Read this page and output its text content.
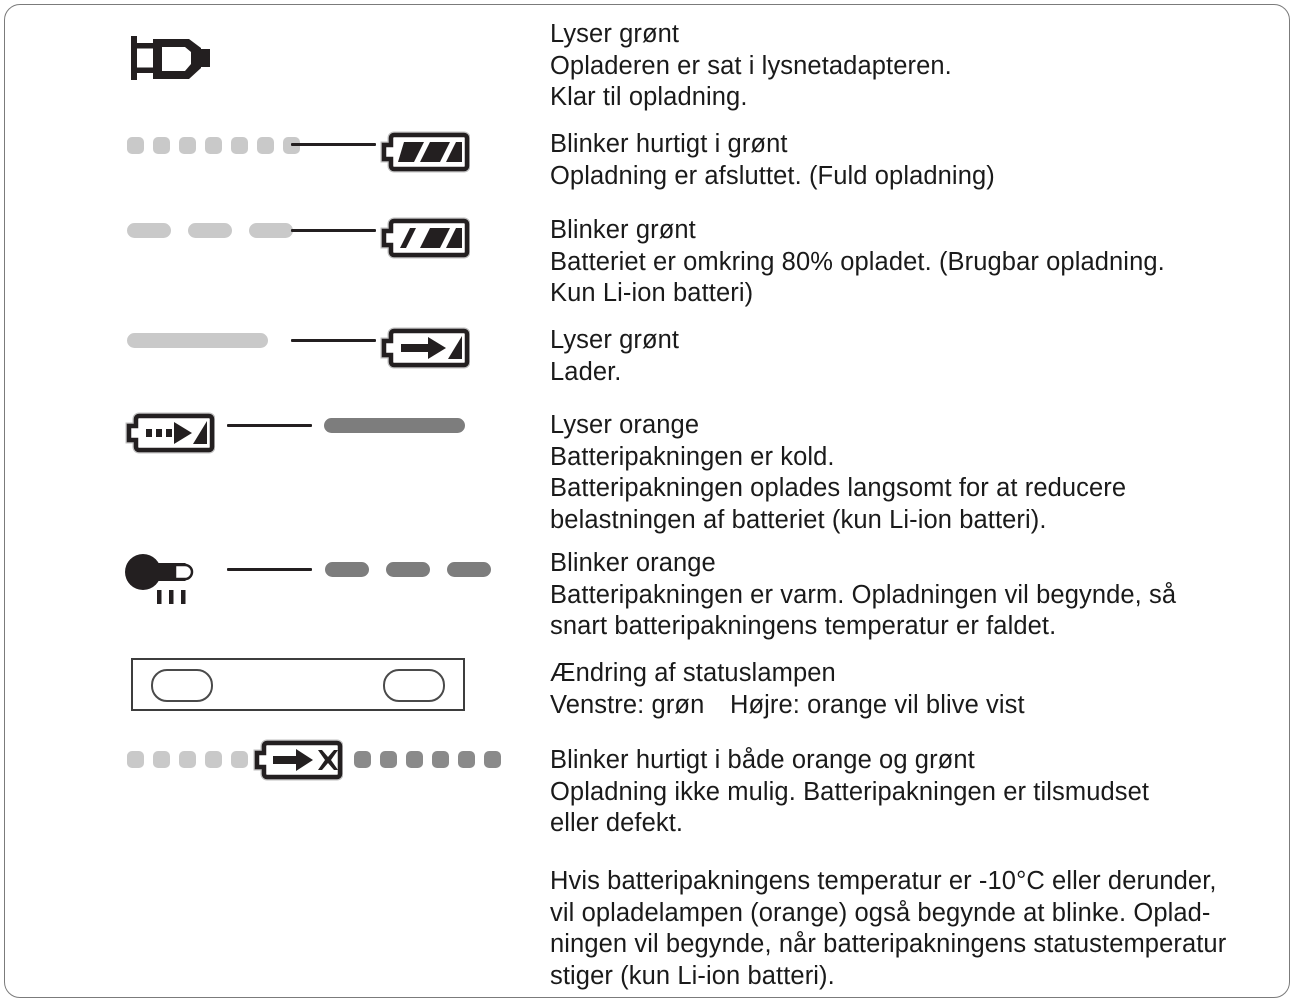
Lyser grønt
Opladeren er sat i lysnetadapteren.
Klar til opladning.
Blinker hurtigt i grønt
Opladning er afsluttet. (Fuld opladning)
Blinker grønt
Batteriet er omkring 80% opladet. (Brugbar opladning.
Kun Li-ion batteri)
Lyser grønt
Lader.
Lyser orange
Batteripakningen er kold.
Batteripakningen oplades langsomt for at reducere
belastningen af batteriet (kun Li-ion batteri).
Blinker orange
Batteripakningen er varm. Opladningen vil begynde, så
snart batteripakningens temperatur er faldet.
Ændring af statuslampen
Venstre: grøn Højre: orange vil blive vist
Blinker hurtigt i både orange og grønt
Opladning ikke mulig. Batteripakningen er tilsmudset
eller defekt.
Hvis batteripakningens temperatur er -10°C eller derunder,
vil opladelampen (orange) også begynde at blinke. Oplad-
ningen vil begynde, når batteripakningens statustemperatur
stiger (kun Li-ion batteri).
